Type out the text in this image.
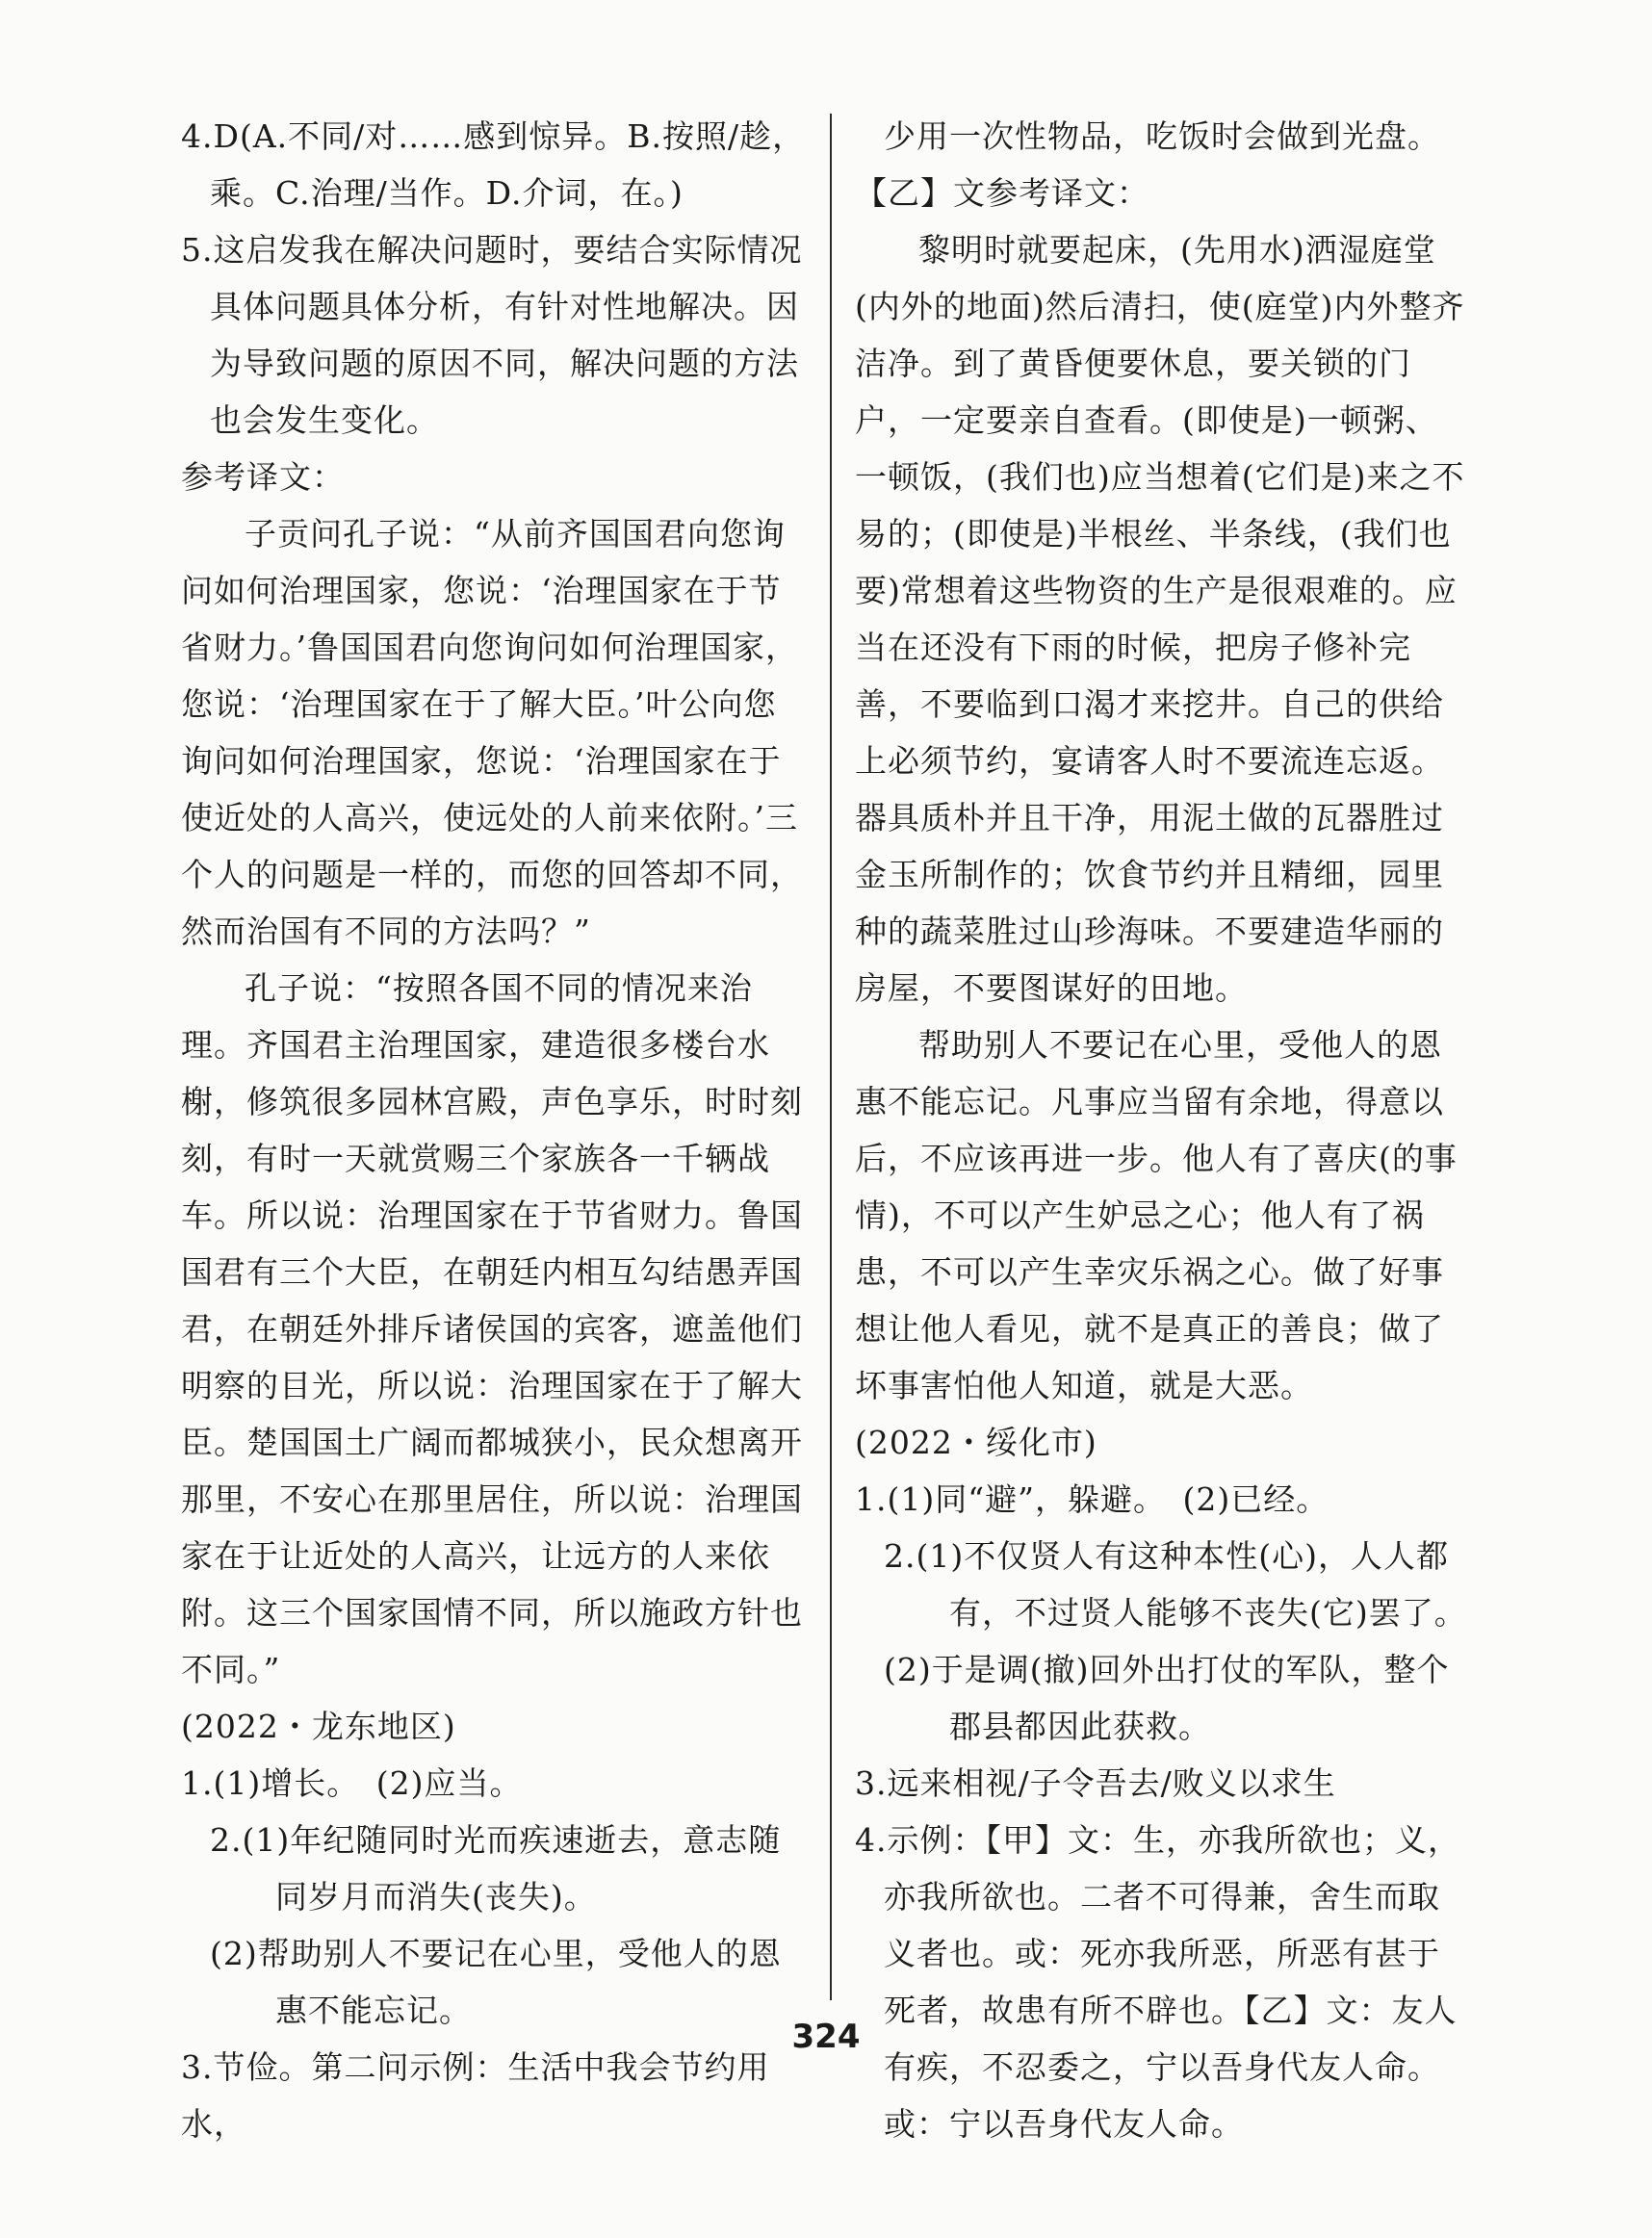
4.D(A.不同/对……感到惊异。B.按照/趁，乘。C.治理/当作。D.介词，在。)

5.这启发我在解决问题时，要结合实际情况具体问题具体分析，有针对性地解决。因为导致问题的原因不同，解决问题的方法也会发生变化。

参考译文：

子贡问孔子说：“从前齐国国君向您询问如何治理国家，您说：‘治理国家在于节省财力。’鲁国国君向您询问如何治理国家，您说：‘治理国家在于了解大臣。’叶公向您询问如何治理国家，您说：‘治理国家在于使近处的人高兴，使远处的人前来依附。’三个人的问题是一样的，而您的回答却不同，然而治国有不同的方法吗？”

孔子说：“按照各国不同的情况来治理。齐国君主治理国家，建造很多楼台水榭，修筑很多园林宫殿，声色享乐，时时刻刻，有时一天就赏赐三个家族各一千辆战车。所以说：治理国家在于节省财力。鲁国国君有三个大臣，在朝廷内相互勾结愚弄国君，在朝廷外排斥诸侯国的宾客，遮盖他们明察的目光，所以说：治理国家在于了解大臣。楚国国土广阔而都城狭小，民众想离开那里，不安心在那里居住，所以说：治理国家在于让近处的人高兴，让远方的人来依附。这三个国家国情不同，所以施政方针也不同。”

(2022・龙东地区)

1.(1)增长。　(2)应当。

2.(1)年纪随同时光而疾速逝去，意志随同岁月而消失(丧失)。

(2)帮助别人不要记在心里，受他人的恩惠不能忘记。

3.节俭。第二问示例：生活中我会节约用水，

少用一次性物品，吃饭时会做到光盘。

【乙】文参考译文：

黎明时就要起床，(先用水)洒湿庭堂(内外的地面)然后清扫，使(庭堂)内外整齐洁净。到了黄昏便要休息，要关锁的门户，一定要亲自查看。(即使是)一顿粥、一顿饭，(我们也)应当想着(它们是)来之不易的；(即使是)半根丝、半条线，(我们也要)常想着这些物资的生产是很艰难的。应当在还没有下雨的时候，把房子修补完善，不要临到口渴才来挖井。自己的供给上必须节约，宴请客人时不要流连忘返。器具质朴并且干净，用泥土做的瓦器胜过金玉所制作的；饮食节约并且精细，园里种的蔬菜胜过山珍海味。不要建造华丽的房屋，不要图谋好的田地。

帮助别人不要记在心里，受他人的恩惠不能忘记。凡事应当留有余地，得意以后，不应该再进一步。他人有了喜庆(的事情)，不可以产生妒忌之心；他人有了祸患，不可以产生幸灾乐祸之心。做了好事想让他人看见，就不是真正的善良；做了坏事害怕他人知道，就是大恶。

(2022・绥化市)

1.(1)同“避”，躲避。　(2)已经。

2.(1)不仅贤人有这种本性(心)，人人都有，不过贤人能够不丧失(它)罢了。

(2)于是调(撤)回外出打仗的军队，整个郡县都因此获救。

3.远来相视/子令吾去/败义以求生

4.示例：【甲】文：生，亦我所欲也；义，亦我所欲也。二者不可得兼，舍生而取义者也。或：死亦我所恶，所恶有甚于死者，故患有所不辟也。【乙】文：友人有疾，不忍委之，宁以吾身代友人命。或：宁以吾身代友人命。

324
